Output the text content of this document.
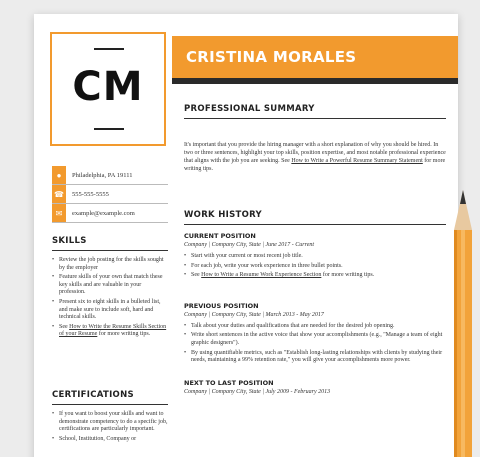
CM
CRISTINA MORALES
●	Philadelphia, PA 19111
☎	555-555-5555
✉	example@example.com
SKILLS
• Review the job posting for the skills sought by the employer
• Feature skills of your own that match these key skills and are valuable in your profession.
• Present six to eight skills in a bulleted list, and make sure to include soft, hard and technical skills.
• See How to Write the Resume Skills Section of your Resume for more writing tips.
CERTIFICATIONS
• If you want to boost your skills and want to demonstrate competency to do a specific job, certifications are particularly important.
• School, Institution, Company or
PROFESSIONAL SUMMARY

It's important that you provide the hiring manager with a short explanation of why you should be hired. In two or three sentences, highlight your top skills, position expertise, and most notable professional experience that aligns with the job you are seeking. See How to Write a Powerful Resume Summary Statement for more writing tips.

WORK HISTORY
CURRENT POSITION
Company | Company City, State | June 2017 - Current
• Start with your current or most recent job title.
• For each job, write your work experience in three bullet points.
• See How to Write a Resume Work Experience Section for more writing tips.
PREVIOUS POSITION
Company | Company City, State | March 2013 - May 2017
• Talk about your duties and qualifications that are needed for the desired job opening.
• Write short sentences in the active voice that show your accomplishments (e.g., "Manage a team of eight graphic designers").
• By using quantifiable metrics, such as "Establish long-lasting relationships with clients by studying their needs, maintaining a 99% retention rate," you will give your accomplishments more power.
NEXT TO LAST POSITION
Company | Company City, State | July 2009 - February 2013
